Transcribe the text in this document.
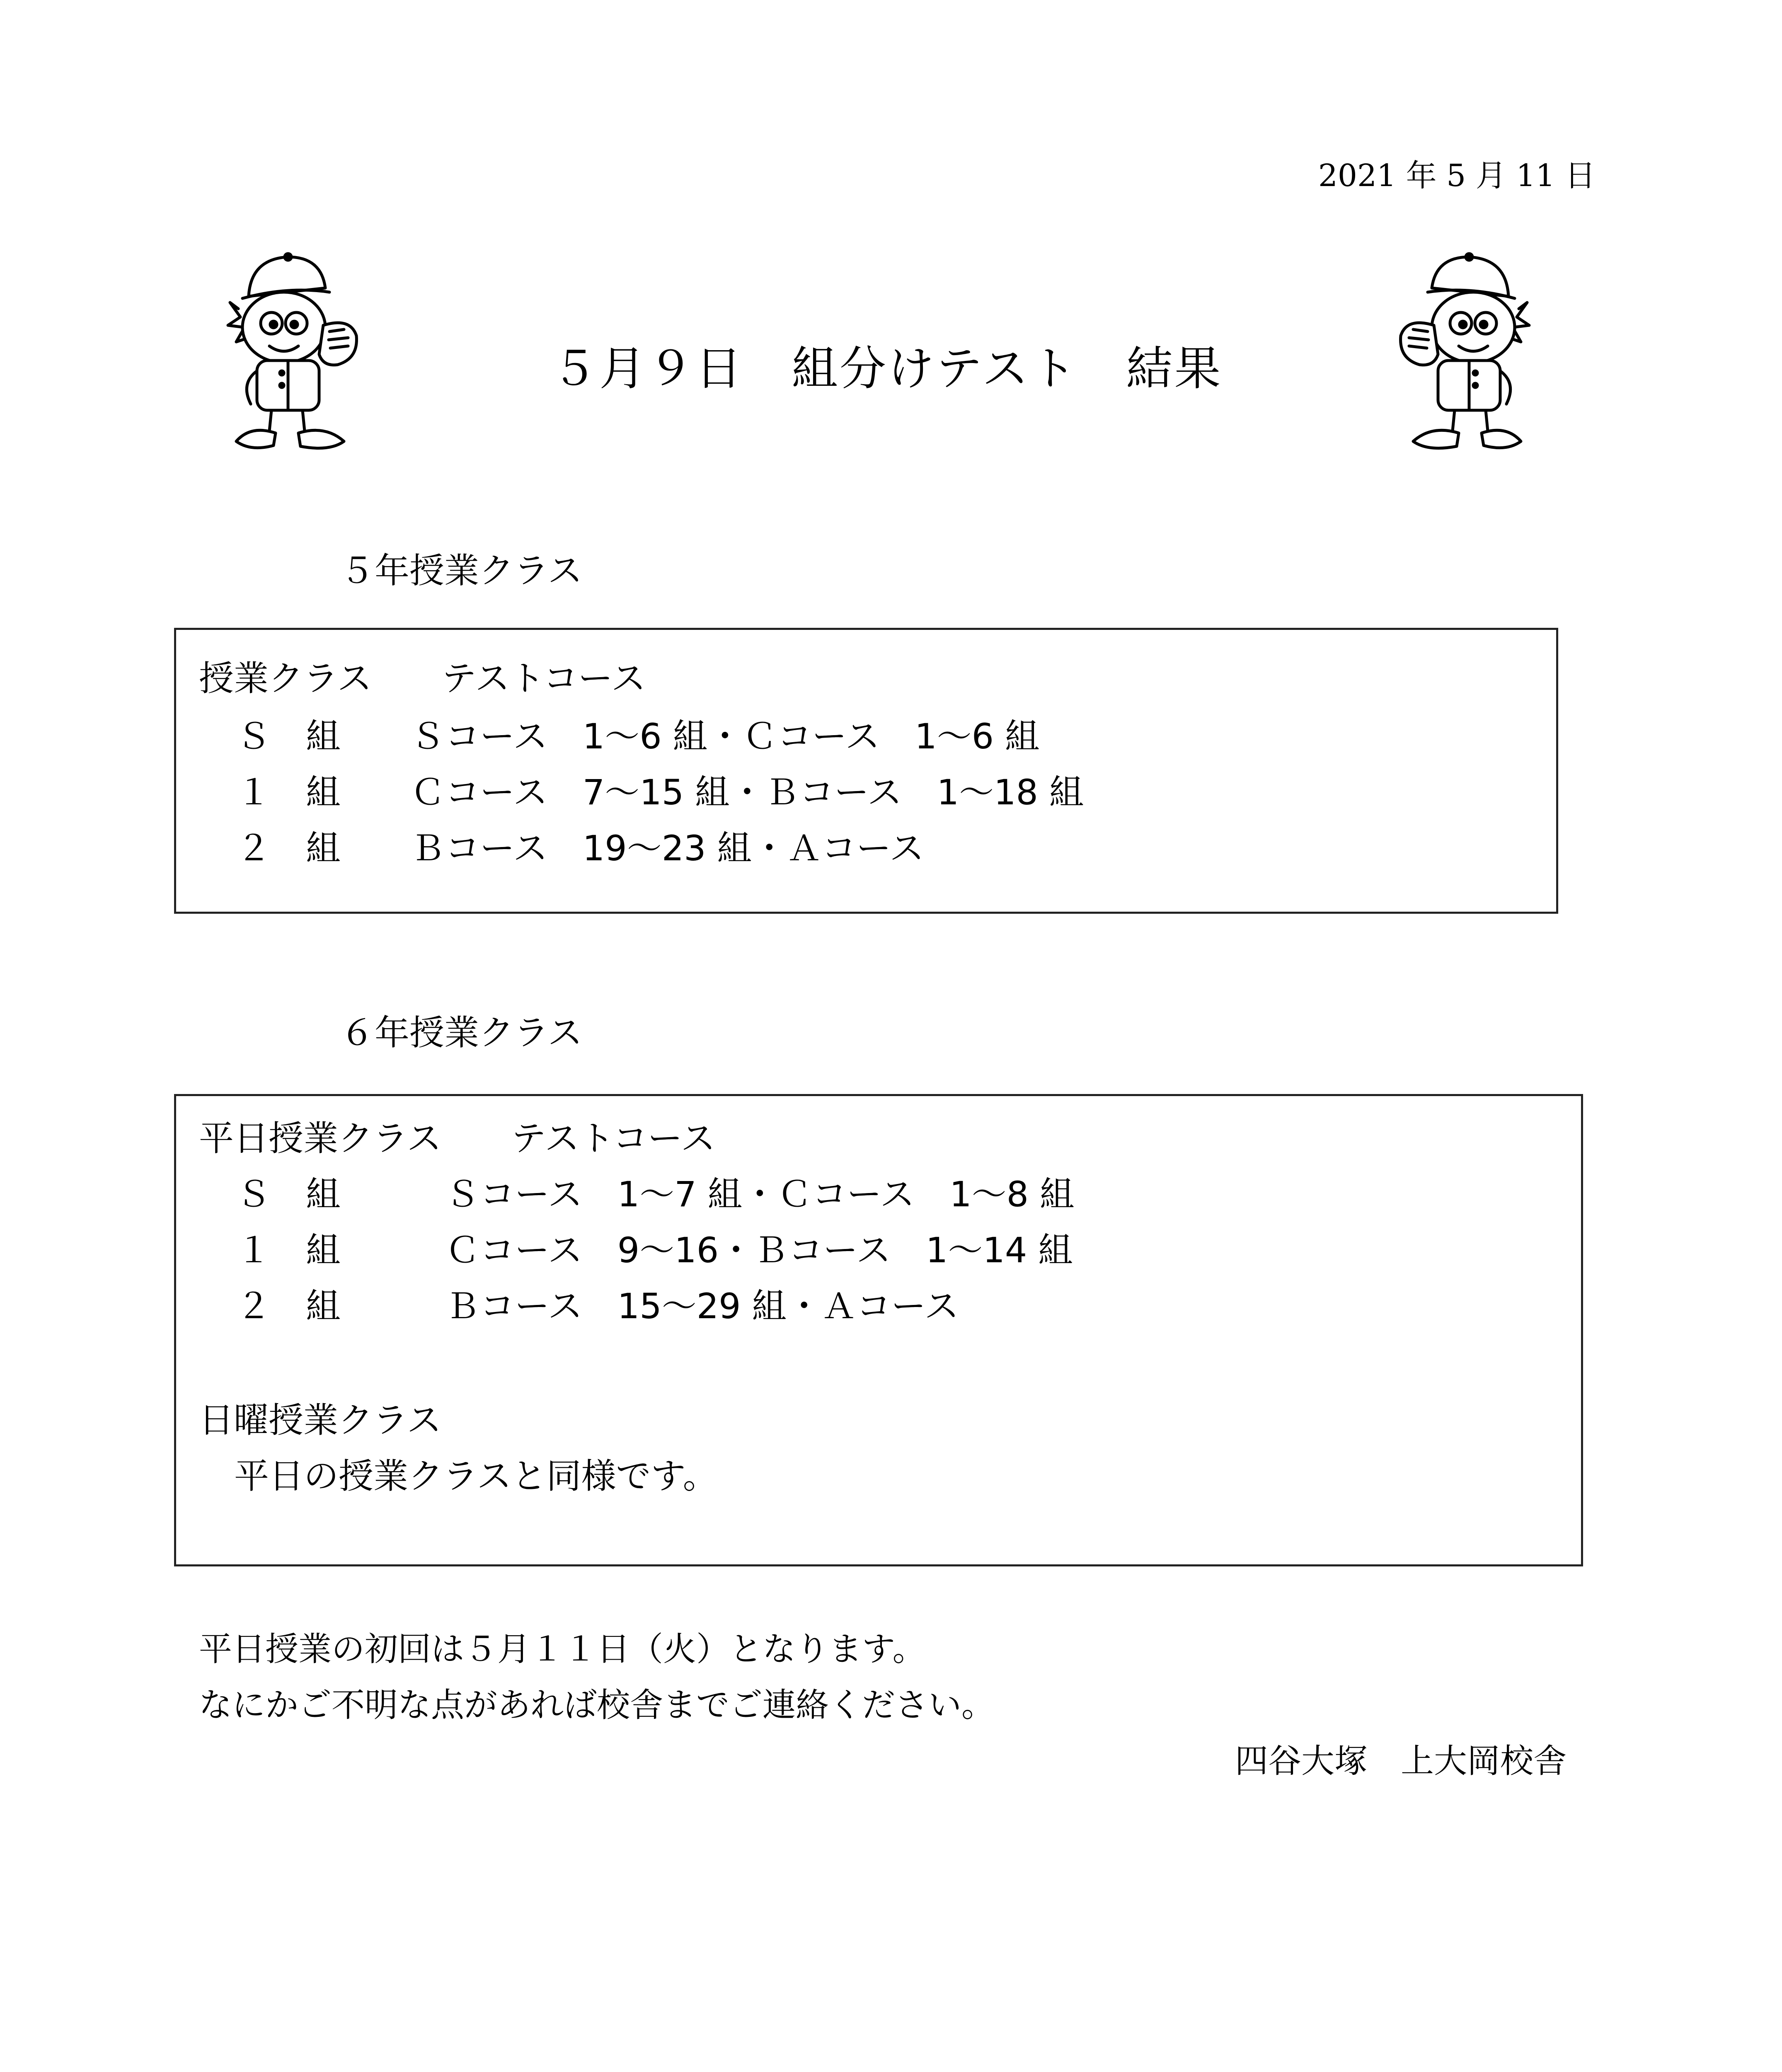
2021 年 5 月 11 日
５月９日　組分けテスト　結果
５年授業クラス
授業クラス　　テストコース
Ｓ　組　　Ｓコース　1～6 組・Ｃコース　1～6 組
１　組　　Ｃコース　7～15 組・Ｂコース　1～18 組
２　組　　Ｂコース　19～23 組・Ａコース
６年授業クラス
平日授業クラス　　テストコース
Ｓ　組　　　Ｓコース　1～7 組・Ｃコース　1～8 組
１　組　　　Ｃコース　9～16・Ｂコース　1～14 組
２　組　　　Ｂコース　15～29 組・Ａコース
日曜授業クラス
平日の授業クラスと同様です。
平日授業の初回は５月１１日（火）となります。
なにかご不明な点があれば校舎までご連絡ください。
四谷大塚　上大岡校舎
